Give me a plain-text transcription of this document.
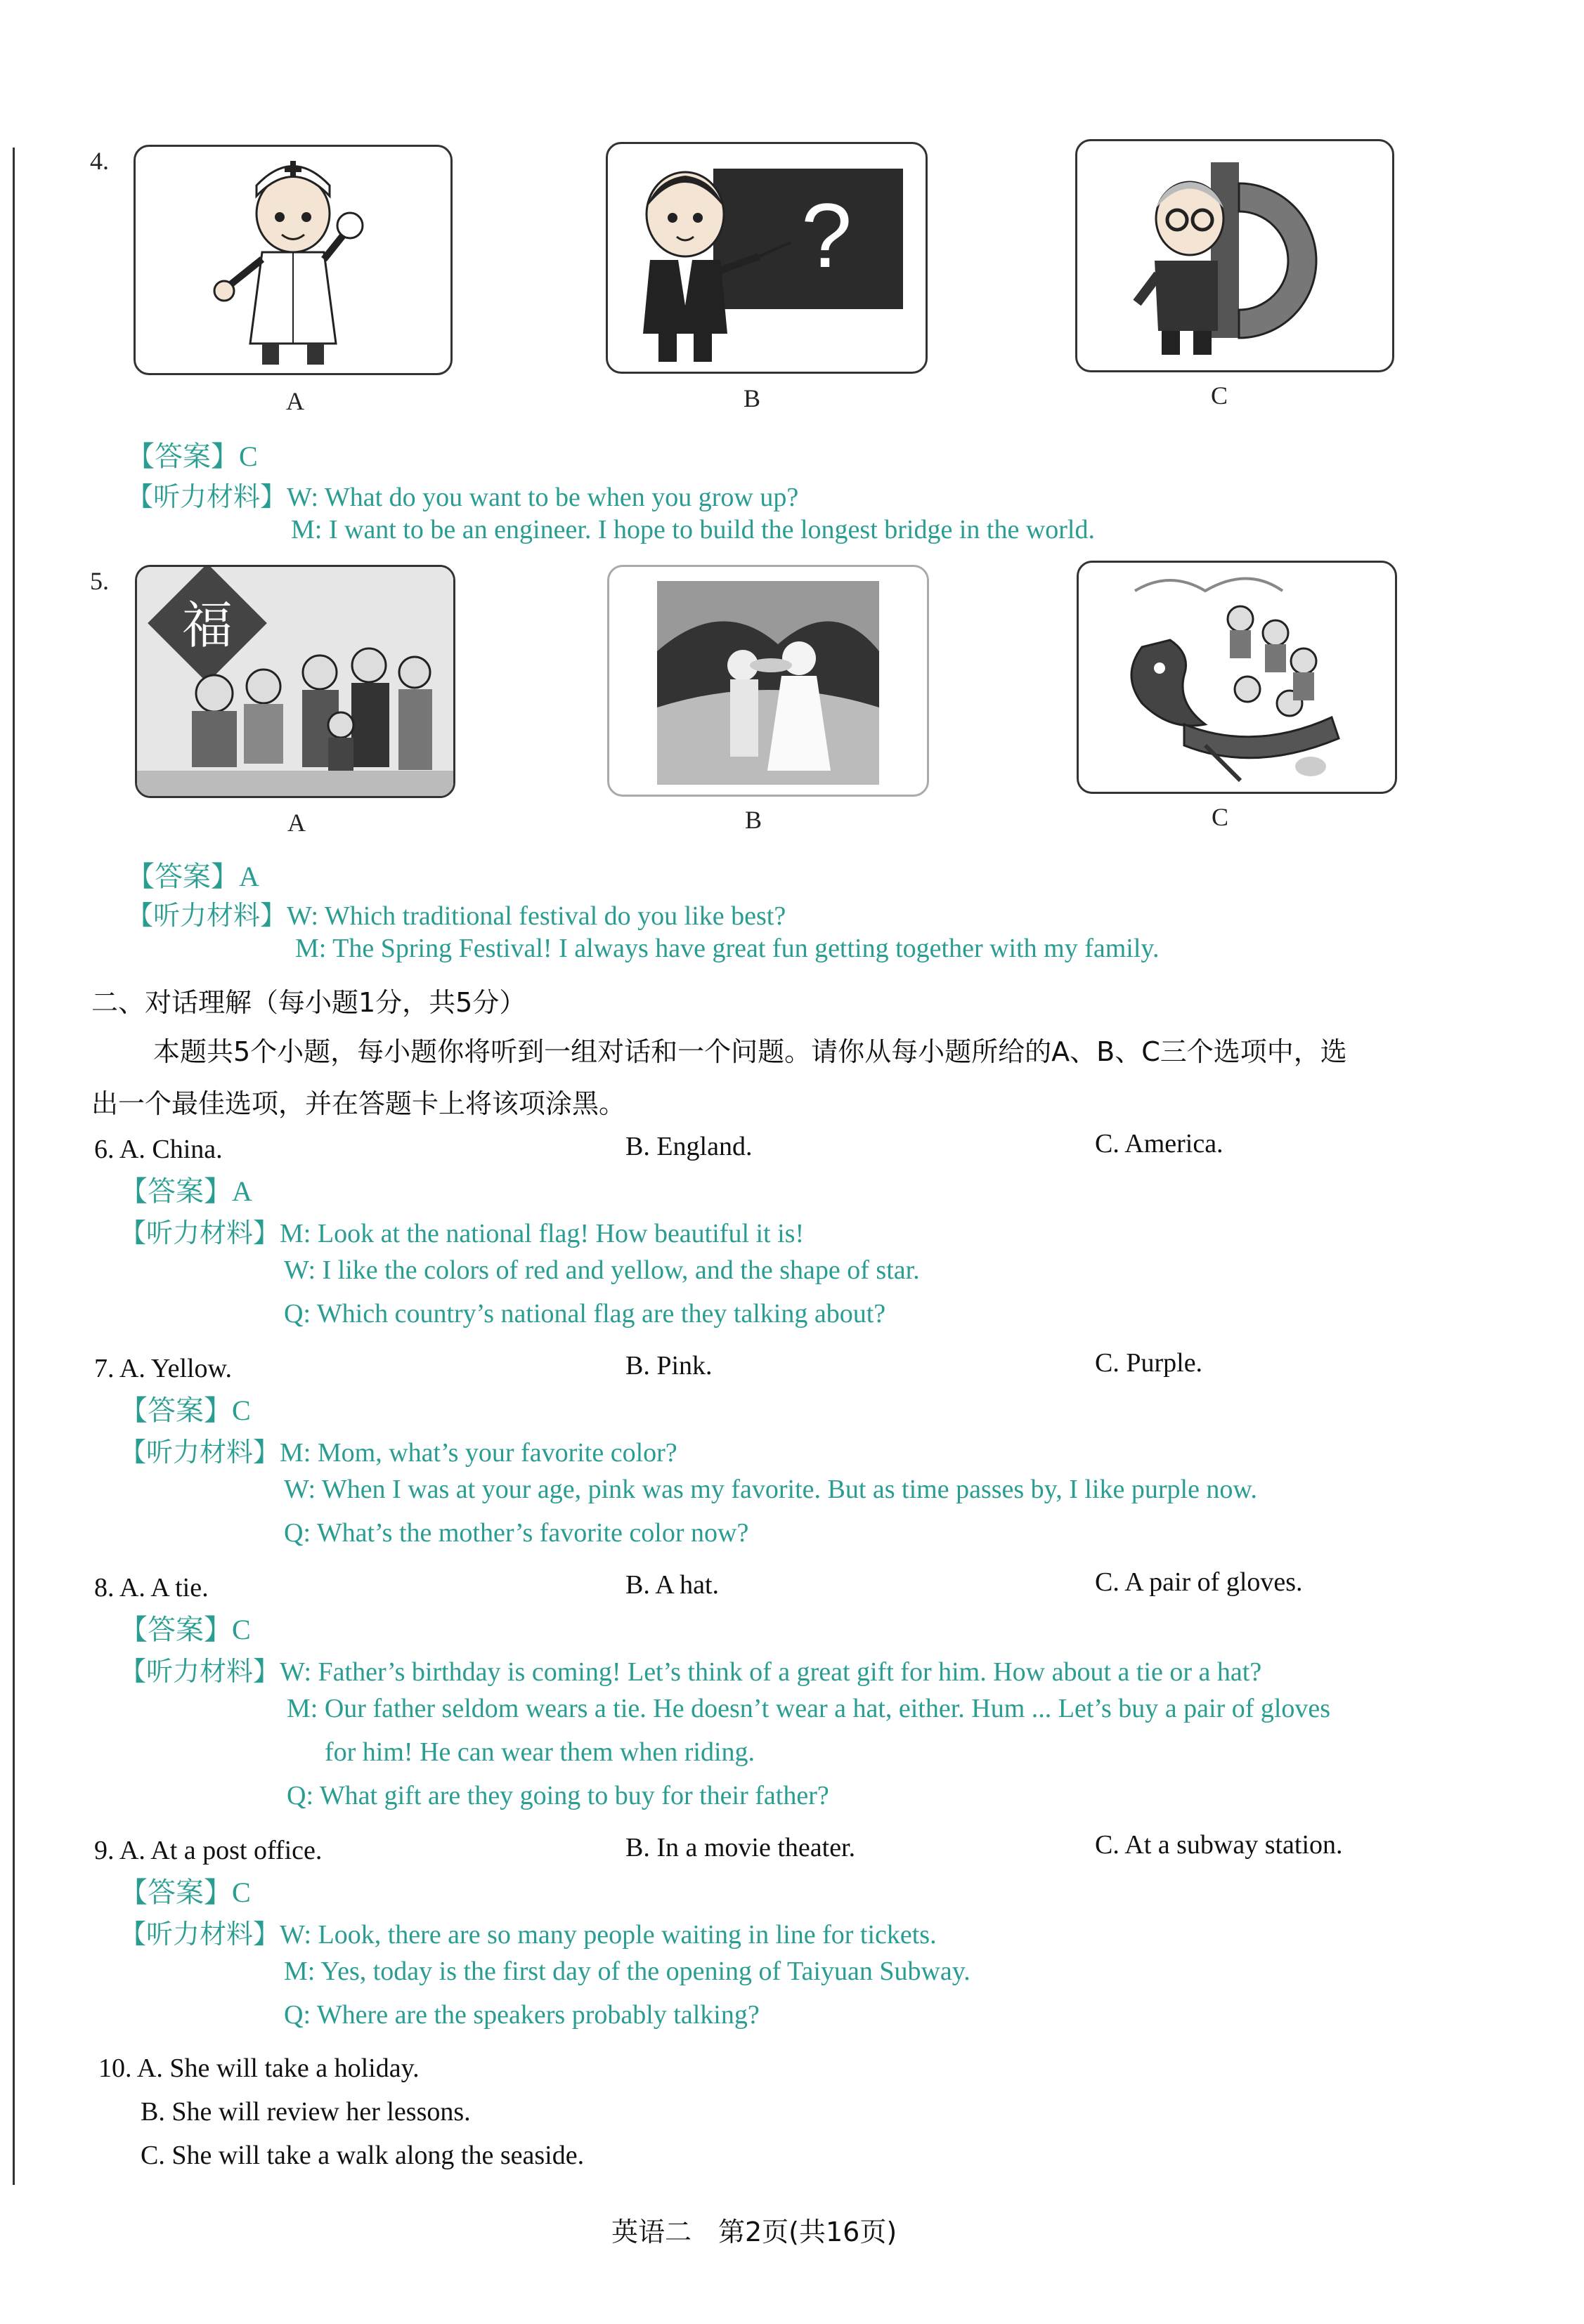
4.
A
?
B	C
【答案】C
【听力材料】W: What do you want to be when you grow up?
M: I want to be an engineer. I hope to build the longest bridge in the world.
5.
福
A	B	C
【答案】A
【听力材料】W: Which traditional festival do you like best?
M: The Spring Festival! I always have great fun getting together with my family.
二、对话理解（每小题1分，共5分）
本题共5个小题，每小题你将听到一组对话和一个问题。请你从每小题所给的A、B、C三个选项中，选
出一个最佳选项，并在答题卡上将该项涂黑。
6. A. China.	B. England.	C. America.
【答案】A
【听力材料】M: Look at the national flag! How beautiful it is!
W: I like the colors of red and yellow, and the shape of star.
Q: Which country’s national flag are they talking about?
7. A. Yellow.	B. Pink.	C. Purple.
【答案】C
【听力材料】M: Mom, what’s your favorite color?
W: When I was at your age, pink was my favorite. But as time passes by, I like purple now.
Q: What’s the mother’s favorite color now?
8. A. A tie.	B. A hat.	C. A pair of gloves.
【答案】C
【听力材料】W: Father’s birthday is coming! Let’s think of a great gift for him. How about a tie or a hat?
M: Our father seldom wears a tie. He doesn’t wear a hat, either. Hum ... Let’s buy a pair of gloves
for him! He can wear them when riding.
Q: What gift are they going to buy for their father?
9. A. At a post office.	B. In a movie theater.	C. At a subway station.
【答案】C
【听力材料】W: Look, there are so many people waiting in line for tickets.
M: Yes, today is the first day of the opening of Taiyuan Subway.
Q: Where are the speakers probably talking?
10. A. She will take a holiday.
B. She will review her lessons.
C. She will take a walk along the seaside.
英语二　第2页(共16页)
